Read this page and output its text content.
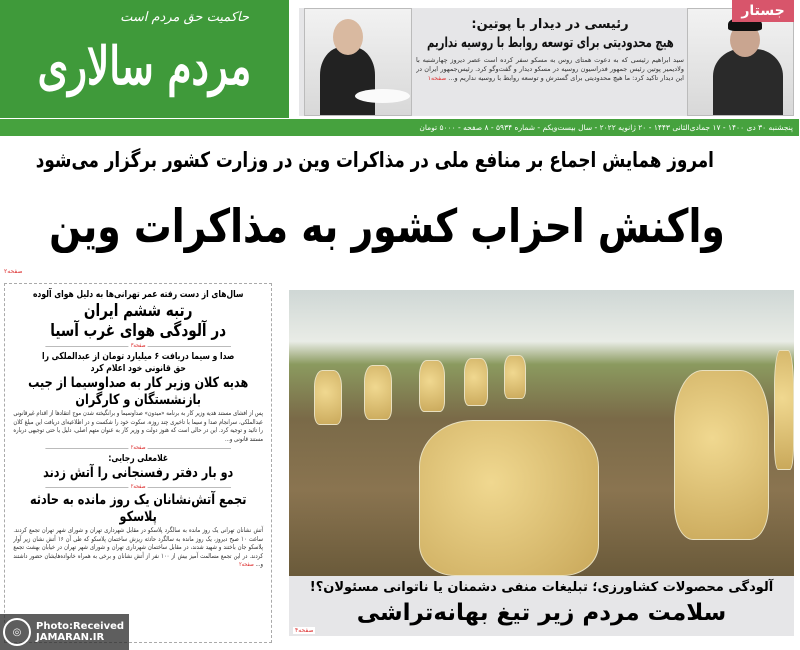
حاکمیت حق مردم است
مردم سالاری
جستار
رئیسی در دیدار با پوتین:
هیچ محدودیتی برای توسعه روابط با روسیه نداریم
سید ابراهیم رئیسی که به دعوت همتای روس به مسکو سفر کرده است عصر دیروز چهارشنبه با ولادیمیر پوتین رئیس جمهور فدراسیون روسیه در مسکو دیدار و گفت‌وگو کرد. رئیس‌جمهور ایران در این دیدار تاکید کرد: ما هیچ محدودیتی برای گسترش و توسعه روابط با روسیه نداریم و... صفحه۱
پنجشنبه ۳۰ دی ۱۴۰۰ - ۱۷ جمادی‌الثانی ۱۴۴۳ - ۲۰ ژانویه ۲۰۲۲ - سال بیست‌ویکم - شماره ۵۹۳۴ - ۸ صفحه - ۵۰۰۰ تومان
امروز همایش اجماع بر منافع ملی در مذاکرات وین در وزارت کشور برگزار می‌شود
واکنش احزاب کشور به مذاکرات وین
صفحه۲
سال‌های از دست رفته عمر تهرانی‌ها به دلیل هوای آلوده
رتبه ششم ایران
در آلودگی هوای غرب آسیا
صفحه۳
صدا و سیما دریافت ۶ میلیارد تومان از عبدالملکی را
حق قانونی خود اعلام کرد
هدیه کلان وزیر کار به صداوسیما از جیب
بازنشستگان و کارگران
پس از افشای مستند هدیه وزیر کار به برنامه «میدون» صداوسیما و برانگیخته شدن موج انتقادها از اقدام غیرقانونی عبدالملکی، سرانجام صدا و سیما با تاخیری چند روزه، سکوت خود را شکست و در اطلاعیه‌ای دریافت این مبلغ کلان را تائید و توجیه کرد. این در حالی است که هنوز دولت و وزیر کار به عنوان متهم اصلی، دلیل یا حتی توجیهی درباره مستند قانونی و...
صفحه۲
غلامعلی رجایی:
دو بار دفتر رفسنجانی را آتش زدند
صفحه۲
تجمع آتش‌نشانان یک روز مانده به حادثه پلاسکو
آتش نشانان تهرانی یک روز مانده به سالگرد پلاسکو در مقابل شهرداری تهران و شورای شهر تهران تجمع کردند. ساعت ۱۰ صبح دیروز، یک روز مانده به سالگرد حادثه ریزش ساختمان پلاسکو که طی آن ۱۶ آتش نشان زیر آوار پلاسکو جان باختند و شهید شدند، در مقابل ساختمان شهرداری تهران و شورای شهر تهران در خیابان بهشت تجمع کردند. در این تجمع مسالمت آمیز بیش از ۱۰۰ نفر از آتش نشانان و برخی به همراه خانواده‌هایشان حضور داشتند و... صفحه۲
آلودگی محصولات کشاورزی؛ تبلیغات منفی دشمنان یا ناتوانی مسئولان؟!
سلامت مردم زیر تیغ بهانه‌تراشی
صفحه۴
◎	Photo:Received
JAMARAN.IR
